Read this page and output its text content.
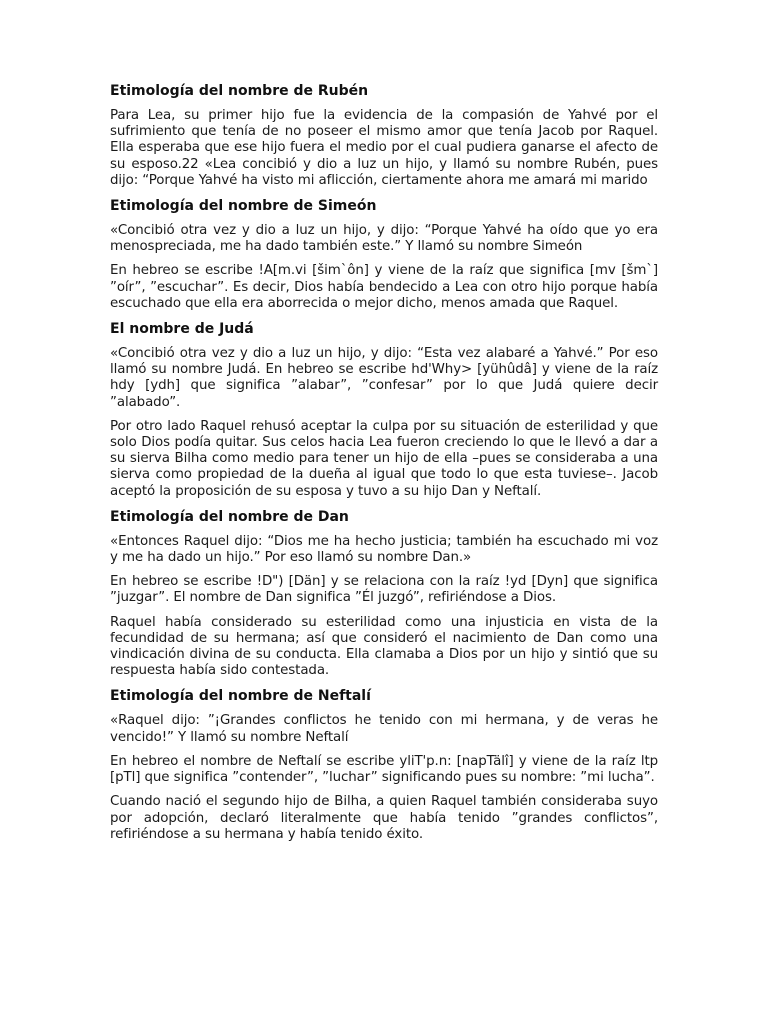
Etimología del nombre de Rubén

Para Lea, su primer hijo fue la evidencia de la compasión de Yahvé por el sufrimiento que tenía de no poseer el mismo amor que tenía Jacob por Raquel. Ella esperaba que ese hijo fuera el medio por el cual pudiera ganarse el afecto de su esposo.22 «Lea concibió y dio a luz un hijo, y llamó su nombre Rubén, pues dijo: “Porque Yahvé ha visto mi aflicción, ciertamente ahora me amará mi marido

Etimología del nombre de Simeón

«Concibió otra vez y dio a luz un hijo, y dijo: “Porque Yahvé ha oído que yo era menospreciada, me ha dado también este.” Y llamó su nombre Simeón

En hebreo se escribe !A[m.vi [šim`ôn] y viene de la raíz que significa [mv [šm`] ”oír”, ”escuchar”. Es decir, Dios había bendecido a Lea con otro hijo porque había escuchado que ella era aborrecida o mejor dicho, menos amada que Raquel.

El nombre de Judá

«Concibió otra vez y dio a luz un hijo, y dijo: “Esta vez alabaré a Yahvé.” Por eso llamó su nombre Judá. En hebreo se escribe hd'Why> [yühûdâ] y viene de la raíz hdy [ydh] que significa ”alabar”, ”confesar” por lo que Judá quiere decir ”alabado”.

Por otro lado Raquel rehusó aceptar la culpa por su situación de esterilidad y que solo Dios podía quitar. Sus celos hacia Lea fueron creciendo lo que le llevó a dar a su sierva Bilha como medio para tener un hijo de ella –pues se consideraba a una sierva como propiedad de la dueña al igual que todo lo que esta tuviese–. Jacob aceptó la proposición de su esposa y tuvo a su hijo Dan y Neftalí.

Etimología del nombre de Dan

«Entonces Raquel dijo: “Dios me ha hecho justicia; también ha escuchado mi voz y me ha dado un hijo.” Por eso llamó su nombre Dan.»

En hebreo se escribe !D") [Dän] y se relaciona con la raíz !yd [Dyn] que significa ”juzgar”. El nombre de Dan significa ”Él juzgó”, refiriéndose a Dios.

Raquel había considerado su esterilidad como una injusticia en vista de la fecundidad de su hermana; así que consideró el nacimiento de Dan como una vindicación divina de su conducta. Ella clamaba a Dios por un hijo y sintió que su respuesta había sido contestada.

Etimología del nombre de Neftalí

«Raquel dijo: ”¡Grandes conflictos he tenido con mi hermana, y de veras he vencido!” Y llamó su nombre Neftalí

En hebreo el nombre de Neftalí se escribe yliT'p.n: [napTälî] y viene de la raíz ltp [pTl] que significa ”contender”, ”luchar” significando pues su nombre: ”mi lucha”.

Cuando nació el segundo hijo de Bilha, a quien Raquel también consideraba suyo por adopción, declaró literalmente que había tenido ”grandes conflictos”, refiriéndose a su hermana y había tenido éxito.
